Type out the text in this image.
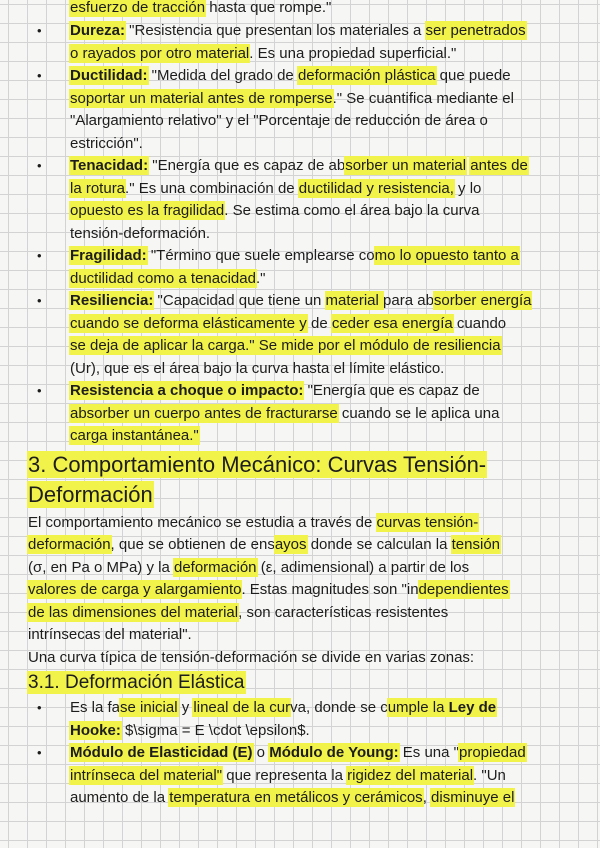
esfuerzo de tracción hasta que rompe."
• Dureza: "Resistencia que presentan los materiales a ser penetrados
o rayados por otro material. Es una propiedad superficial."
• Ductilidad: "Medida del grado de deformación plástica que puede
soportar un material antes de romperse." Se cuantifica mediante el
"Alargamiento relativo" y el "Porcentaje de reducción de área o
estricción".
• Tenacidad: "Energía que es capaz de absorber un material antes de
la rotura." Es una combinación de ductilidad y resistencia, y lo
opuesto es la fragilidad. Se estima como el área bajo la curva
tensión-deformación.
• Fragilidad: "Término que suele emplearse como lo opuesto tanto a
ductilidad como a tenacidad."
• Resiliencia: "Capacidad que tiene un material para absorber energía
cuando se deforma elásticamente y de ceder esa energía cuando
se deja de aplicar la carga." Se mide por el módulo de resiliencia
(Ur), que es el área bajo la curva hasta el límite elástico.
• Resistencia a choque o impacto: "Energía que es capaz de
absorber un cuerpo antes de fracturarse cuando se le aplica una
carga instantánea."
3. Comportamiento Mecánico: Curvas Tensión-
Deformación
El comportamiento mecánico se estudia a través de curvas tensión-
deformación, que se obtienen de ensayos donde se calculan la tensión
(σ, en Pa o MPa) y la deformación (ε, adimensional) a partir de los
valores de carga y alargamiento. Estas magnitudes son "independientes
de las dimensiones del material, son características resistentes
intrínsecas del material".
Una curva típica de tensión-deformación se divide en varias zonas:
3.1. Deformación Elástica
• Es la fase inicial y lineal de la curva, donde se cumple la Ley de
Hooke: $\sigma = E \cdot \epsilon$.
• Módulo de Elasticidad (E) o Módulo de Young: Es una "propiedad
intrínseca del material" que representa la rigidez del material. "Un
aumento de la temperatura en metálicos y cerámicos, disminuye el
